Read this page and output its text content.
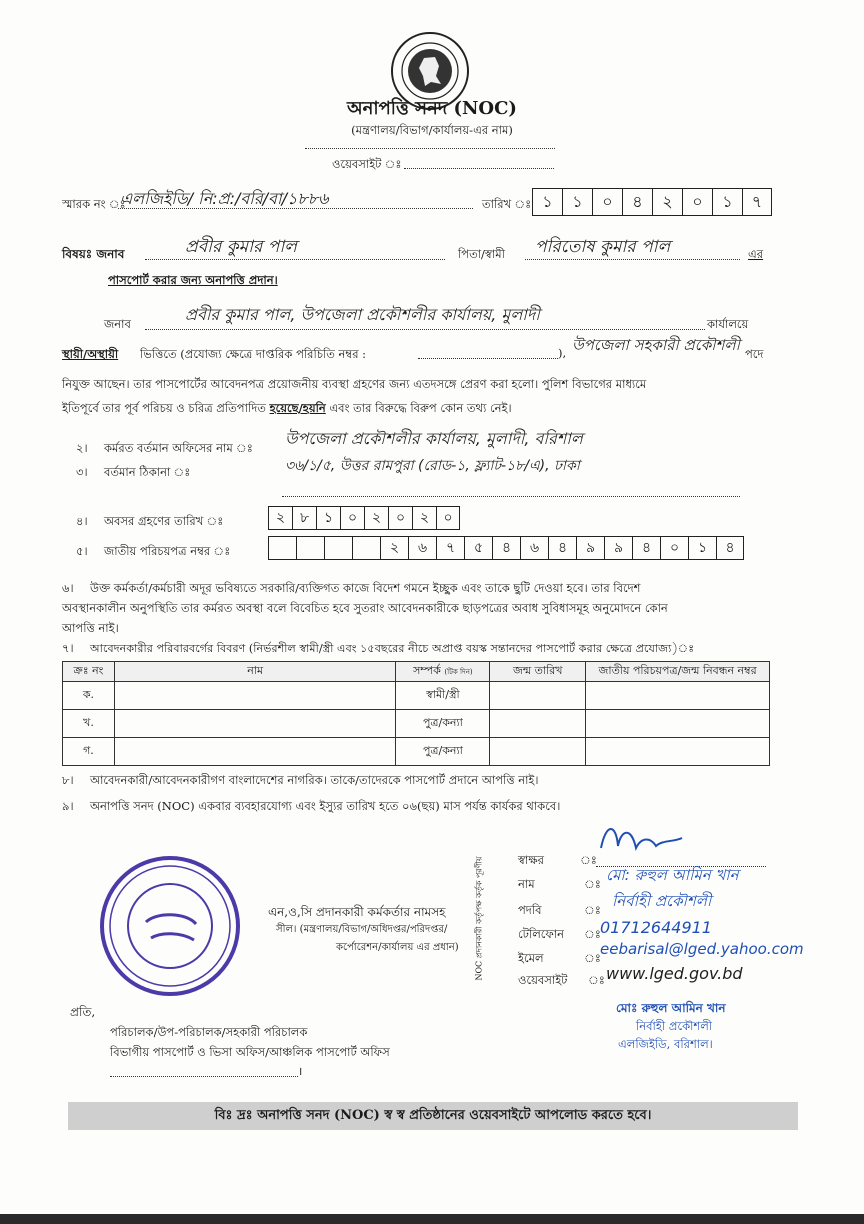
অনাপত্তি সনদ (NOC)
(মন্ত্রণালয়/বিভাগ/কার্যালয়-এর নাম)
ওয়েবসাইট ঃ
স্মারক নং ঃ
এলজিইডি/ নি:প্র:/বরি/বা/১৮৮৬	তারিখ ঃ ১	১	০	৪	২	০	১	৭
বিষয়ঃ জনাব	প্রবীর কুমার পাল	পিতা/স্বামী পরিতোষ কুমার পাল	এর
পাসপোর্ট করার জন্য অনাপত্তি প্রদান।
জনাব	প্রবীর কুমার পাল, উপজেলা প্রকৌশলীর কার্যালয়, মুলাদী	কার্যালয়ে
স্থায়ী/অস্থায়ী ভিত্তিতে (প্রযোজ্য ক্ষেত্রে দাপ্তরিক পরিচিতি নম্বর :	), উপজেলা সহকারী প্রকৌশলী পদে
নিযুক্ত আছেন। তার পাসপোর্টের আবেদনপত্র প্রয়োজনীয় ব্যবস্থা গ্রহণের জন্য এতদসঙ্গে প্রেরণ করা হলো। পুলিশ বিভাগের মাধ্যমে
ইতিপূর্বে তার পূর্ব পরিচয় ও চরিত্র প্রতিপাদিত হয়েছে/হয়নি এবং তার বিরুদ্ধে বিরুপ কোন তথ্য নেই।
২। কর্মরত বর্তমান অফিসের নাম ঃ উপজেলা প্রকৌশলীর কার্যালয়, মুলাদী, বরিশাল
৩। বর্তমান ঠিকানা ঃ	৩৬/১/৫, উত্তর রামপুরা (রোড-১, ফ্ল্যাট-১৮/এ), ঢাকা
৪। অবসর গ্রহণের তারিখ ঃ	২	৮	১	০	২	০	২	০
৫। জাতীয় পরিচয়পত্র নম্বর ঃ	২	৬	৭	৫	৪	৬	৪	৯	৯	৪	০	১	৪
৬। উক্ত কর্মকর্তা/কর্মচারী অদূর ভবিষ্যতে সরকারি/ব্যক্তিগত কাজে বিদেশ গমনে ইচ্ছুক এবং তাকে ছুটি দেওয়া হবে। তার বিদেশ
অবস্থানকালীন অনুপস্থিতি তার কর্মরত অবস্থা বলে বিবেচিত হবে সুতরাং আবেদনকারীকে ছাড়পত্রের অবাধ সুবিধাসমূহ অনুমোদনে কোন
আপত্তি নাই।
৭। আবেদনকারীর পরিবারবর্গের বিবরণ (নির্ভরশীল স্বামী/স্ত্রী এবং ১৫বছরের নীচে অপ্রাপ্ত বয়স্ক সন্তানদের পাসপোর্ট করার ক্ষেত্রে প্রযোজ্য)ঃ
ক্রঃ নং	নাম	সম্পর্ক (টিক দিন)	জন্ম তারিখ	জাতীয় পরিচয়পত্র/জন্ম নিবন্ধন নম্বর
ক.		স্বামী/স্ত্রী		
খ.		পুত্র/কন্যা		
গ.		পুত্র/কন্যা		
৮। আবেদনকারী/আবেদনকারীগণ বাংলাদেশের নাগরিক। তাকে/তাদেরকে পাসপোর্ট প্রদানে আপত্তি নাই।
৯। অনাপত্তি সনদ (NOC) একবার ব্যবহারযোগ্য এবং ইস্যুর তারিখ হতে ০৬(ছয়) মাস পর্যন্ত কার্যকর থাকবে।
এন,ও,সি প্রদানকারী কর্মকর্তার নামসহ
সীল। (মন্ত্রণালয়/বিভাগ/অধিদপ্তর/পরিদপ্তর/
কর্পোরেশন/কার্যালয় এর প্রধান) NOC প্রদানকারী কর্তৃপক্ষ কর্তৃক পূরণীয়	স্বাক্ষর	ঃ
নাম	ঃ মো: রুহুল আমিন খান
পদবি	ঃ নির্বাহী প্রকৌশলী
টেলিফোন ঃ 01712644911
ইমেল	ঃ eebarisal@lged.yahoo.com
ওয়েবসাইট ঃ www.lged.gov.bd
মোঃ রুহুল আমিন খান
নির্বাহী প্রকৌশলী
এলজিইডি, বরিশাল।
প্রতি,
পরিচালক/উপ-পরিচালক/সহকারী পরিচালক
বিভাগীয় পাসপোর্ট ও ভিসা অফিস/আঞ্চলিক পাসপোর্ট অফিস
।
বিঃ দ্রঃ অনাপত্তি সনদ (NOC) স্ব স্ব প্রতিষ্ঠানের ওয়েবসাইটে আপলোড করতে হবে।
